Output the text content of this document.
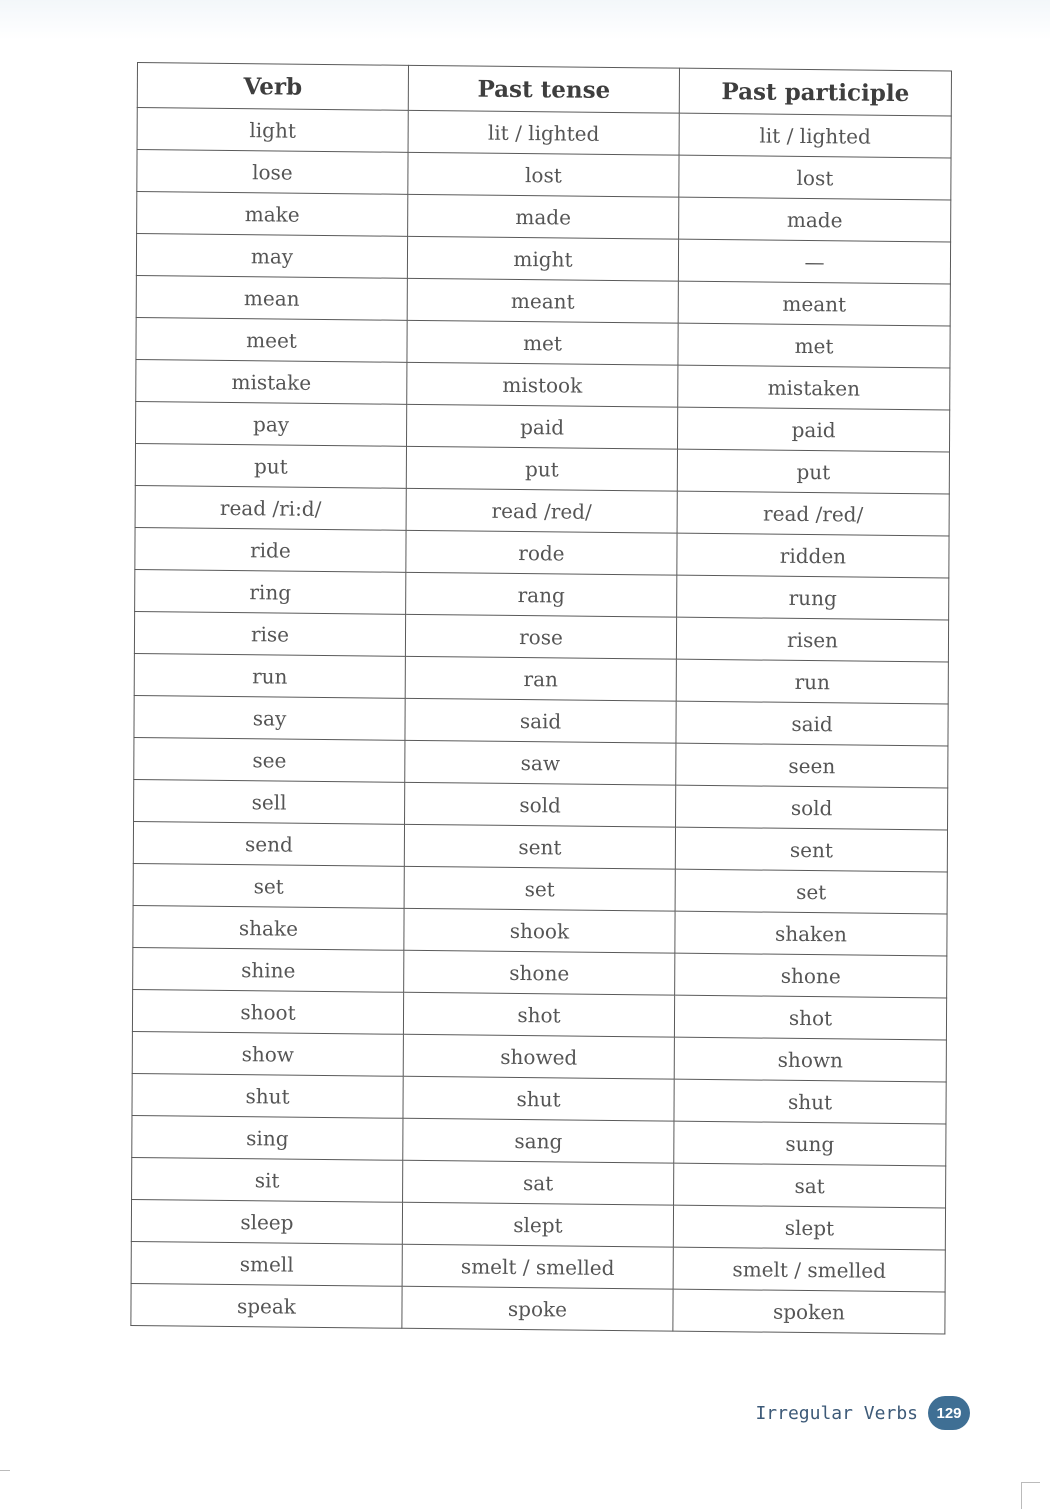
Verb	Past tense	Past participle
light	lit / lighted	lit / lighted
lose	lost	lost
make	made	made
may	might	—
mean	meant	meant
meet	met	met
mistake	mistook	mistaken
pay	paid	paid
put	put	put
read /ri:d/	read /red/	read /red/
ride	rode	ridden
ring	rang	rung
rise	rose	risen
run	ran	run
say	said	said
see	saw	seen
sell	sold	sold
send	sent	sent
set	set	set
shake	shook	shaken
shine	shone	shone
shoot	shot	shot
show	showed	shown
shut	shut	shut
sing	sang	sung
sit	sat	sat
sleep	slept	slept
smell	smelt / smelled	smelt / smelled
speak	spoke	spoken
Irregular Verbs	129
